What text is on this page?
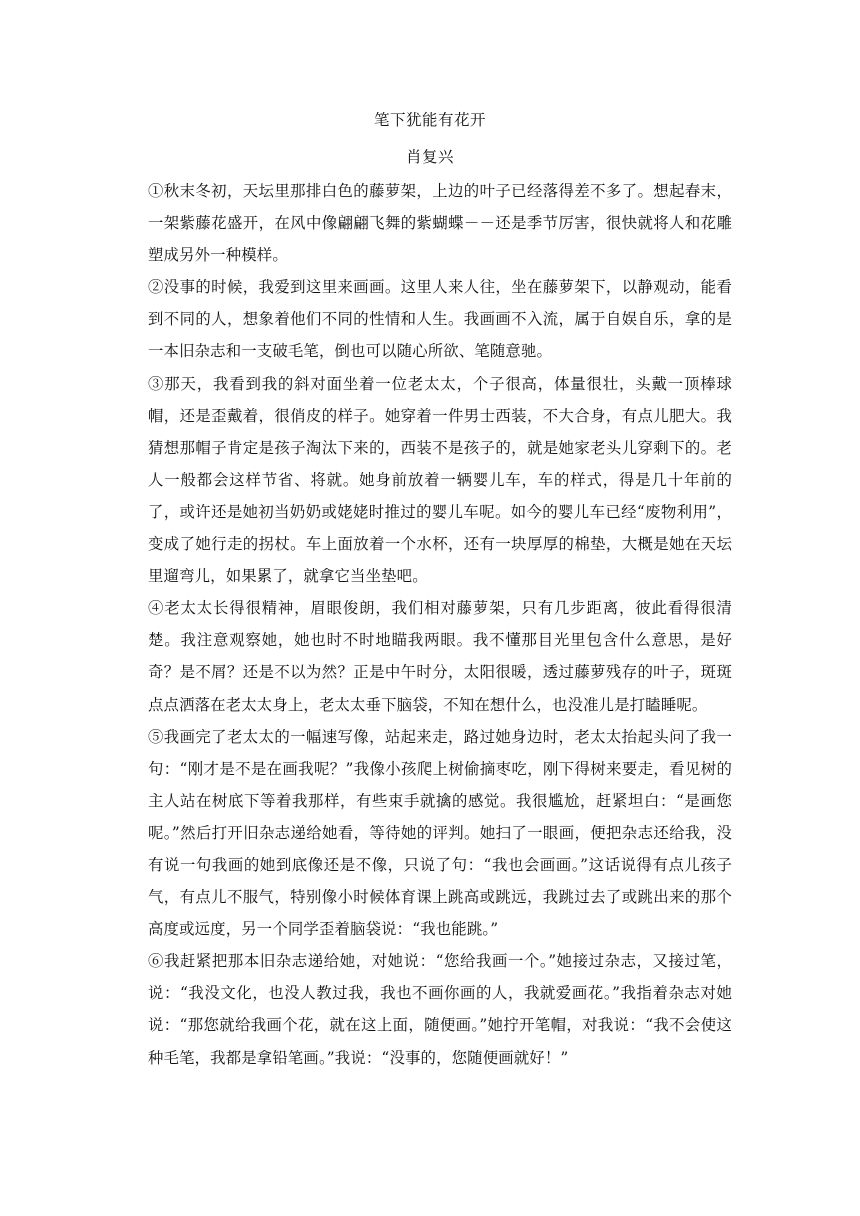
笔下犹能有花开
肖复兴

①秋末冬初，天坛里那排白色的藤萝架，上边的叶子已经落得差不多了。想起春末，一架紫藤花盛开，在风中像翩翩飞舞的紫蝴蝶－－还是季节厉害，很快就将人和花雕塑成另外一种模样。

②没事的时候，我爱到这里来画画。这里人来人往，坐在藤萝架下，以静观动，能看到不同的人，想象着他们不同的性情和人生。我画画不入流，属于自娱自乐，拿的是一本旧杂志和一支破毛笔，倒也可以随心所欲、笔随意驰。

③那天，我看到我的斜对面坐着一位老太太，个子很高，体量很壮，头戴一顶棒球帽，还是歪戴着，很俏皮的样子。她穿着一件男士西装，不大合身，有点儿肥大。我猜想那帽子肯定是孩子淘汰下来的，西装不是孩子的，就是她家老头儿穿剩下的。老人一般都会这样节省、将就。她身前放着一辆婴儿车，车的样式，得是几十年前的了，或许还是她初当奶奶或姥姥时推过的婴儿车呢。如今的婴儿车已经“废物利用”，变成了她行走的拐杖。车上面放着一个水杯，还有一块厚厚的棉垫，大概是她在天坛里遛弯儿，如果累了，就拿它当坐垫吧。

④老太太长得很精神，眉眼俊朗，我们相对藤萝架，只有几步距离，彼此看得很清楚。我注意观察她，她也时不时地瞄我两眼。我不懂那目光里包含什么意思，是好奇？是不屑？还是不以为然？正是中午时分，太阳很暖，透过藤萝残存的叶子，斑斑点点洒落在老太太身上，老太太垂下脑袋，不知在想什么，也没准儿是打瞌睡呢。

⑤我画完了老太太的一幅速写像，站起来走，路过她身边时，老太太抬起头问了我一句：“刚才是不是在画我呢？”我像小孩爬上树偷摘枣吃，刚下得树来要走，看见树的主人站在树底下等着我那样，有些束手就擒的感觉。我很尴尬，赶紧坦白：“是画您呢。”然后打开旧杂志递给她看，等待她的评判。她扫了一眼画，便把杂志还给我，没有说一句我画的她到底像还是不像，只说了句：“我也会画画。”这话说得有点儿孩子气，有点儿不服气，特别像小时候体育课上跳高或跳远，我跳过去了或跳出来的那个高度或远度，另一个同学歪着脑袋说：“我也能跳。”

⑥我赶紧把那本旧杂志递给她，对她说：“您给我画一个。”她接过杂志，又接过笔，说：“我没文化，也没人教过我，我也不画你画的人，我就爱画花。”我指着杂志对她说：“那您就给我画个花，就在这上面，随便画。”她拧开笔帽，对我说：“我不会使这种毛笔，我都是拿铅笔画。”我说：“没事的，您随便画就好！”
